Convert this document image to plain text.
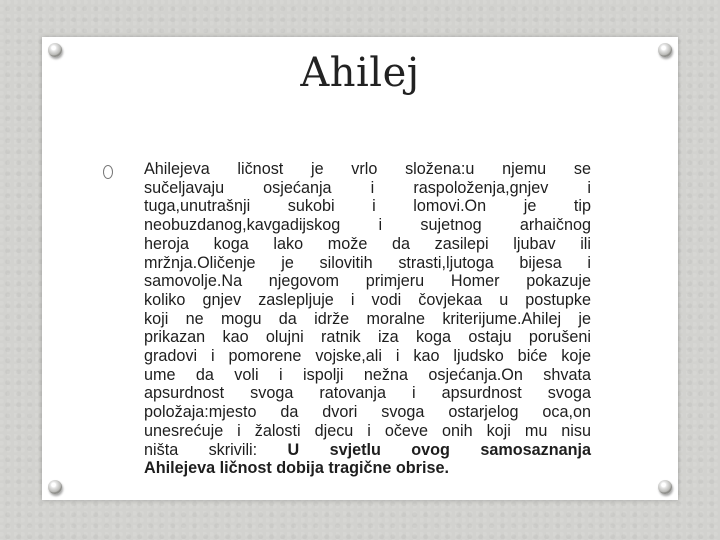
Ahilej
Ahilejeva ličnost je vrlo složena:u njemu se
sučeljavaju osjećanja i raspoloženja,gnjev i
tuga,unutrašnji sukobi i lomovi.On je tip
neobuzdanog,kavgadijskog i sujetnog arhaičnog
heroja koga lako može da zasilepi ljubav ili
mržnja.Oličenje je silovitih strasti,ljutoga bijesa i
samovolje.Na njegovom primjeru Homer pokazuje
koliko gnjev zaslepljuje i vodi čovjekaa u postupke
koji ne mogu da idrže moralne kriterijume.Ahilej je
prikazan kao olujni ratnik iza koga ostaju porušeni
gradovi i pomorene vojske,ali i kao ljudsko biće koje
ume da voli i ispolji nežna osjećanja.On shvata
apsurdnost svoga ratovanja i apsurdnost svoga
položaja:mjesto da dvori svoga ostarjelog oca,on
unesrećuje i žalosti djecu i očeve onih koji mu nisu
ništa skrivili: U svjetlu ovog samosaznanja
Ahilejeva ličnost dobija tragične obrise.
